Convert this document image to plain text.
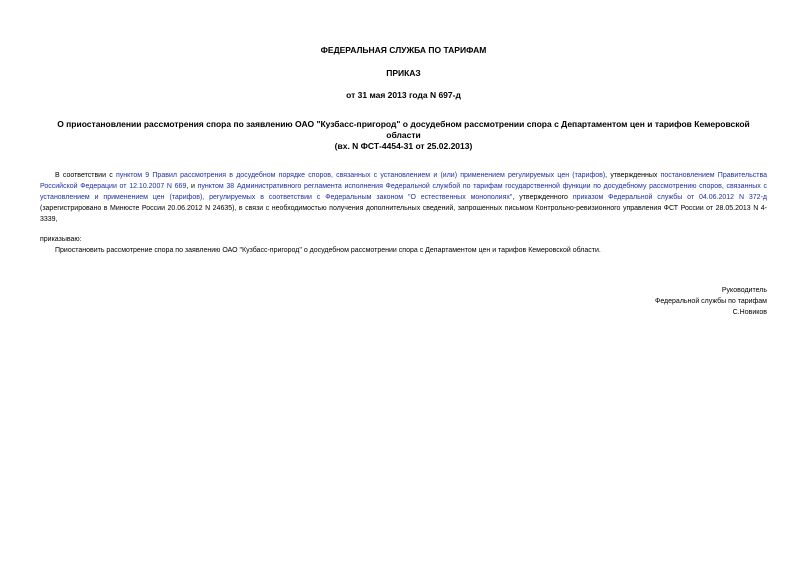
ФЕДЕРАЛЬНАЯ СЛУЖБА ПО ТАРИФАМ
ПРИКАЗ
от 31 мая 2013 года N 697-д
О приостановлении рассмотрения спора по заявлению ОАО "Кузбасс-пригород" о досудебном рассмотрении спора с Департаментом цен и тарифов Кемеровской области
(вх. N ФСТ-4454-31 от 25.02.2013)
В соответствии с пунктом 9 Правил рассмотрения в досудебном порядке споров, связанных с установлением и (или) применением регулируемых цен (тарифов), утвержденных постановлением Правительства Российской Федерации от 12.10.2007 N 669, и пунктом 38 Административного регламента исполнения Федеральной службой по тарифам государственной функции по досудебному рассмотрению споров, связанных с установлением и применением цен (тарифов), регулируемых в соответствии с Федеральным законом "О естественных монополиях", утвержденного приказом Федеральной службы от 04.06.2012 N 372-д (зарегистрировано в Минюсте России 20.06.2012 N 24635), в связи с необходимостью получения дополнительных сведений, запрошенных письмом Контрольно-ревизионного управления ФСТ России от 28.05.2013 N 4-3339,
приказываю:
Приостановить рассмотрение спора по заявлению ОАО "Кузбасс-пригород" о досудебном рассмотрении спора с Департаментом цен и тарифов Кемеровской области.
Руководитель
Федеральной службы по тарифам
С.Новиков
